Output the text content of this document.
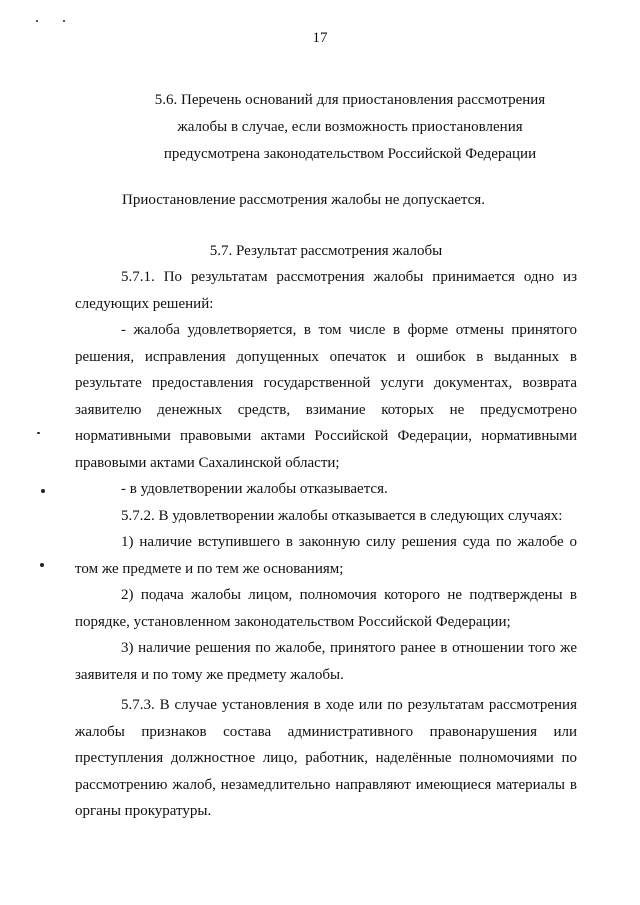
17
5.6. Перечень оснований для приостановления рассмотрения
жалобы в случае, если возможность приостановления
предусмотрена законодательством Российской Федерации
Приостановление рассмотрения жалобы не допускается.
5.7. Результат рассмотрения жалобы

5.7.1. По результатам рассмотрения жалобы принимается одно из следующих решений:

- жалоба удовлетворяется, в том числе в форме отмены принятого решения, исправления допущенных опечаток и ошибок в выданных в результате предоставления государственной услуги документах, возврата заявителю денежных средств, взимание которых не предусмотрено нормативными правовыми актами Российской Федерации, нормативными правовыми актами Сахалинской области;

- в удовлетворении жалобы отказывается.

5.7.2. В удовлетворении жалобы отказывается в следующих случаях:

1) наличие вступившего в законную силу решения суда по жалобе о том же предмете и по тем же основаниям;

2) подача жалобы лицом, полномочия которого не подтверждены в порядке, установленном законодательством Российской Федерации;

3) наличие решения по жалобе, принятого ранее в отношении того же заявителя и по тому же предмету жалобы.

5.7.3. В случае установления в ходе или по результатам рассмотрения жалобы признаков состава административного правонарушения или преступления должностное лицо, работник, наделённые полномочиями по рассмотрению жалоб, незамедлительно направляют имеющиеся материалы в органы прокуратуры.
